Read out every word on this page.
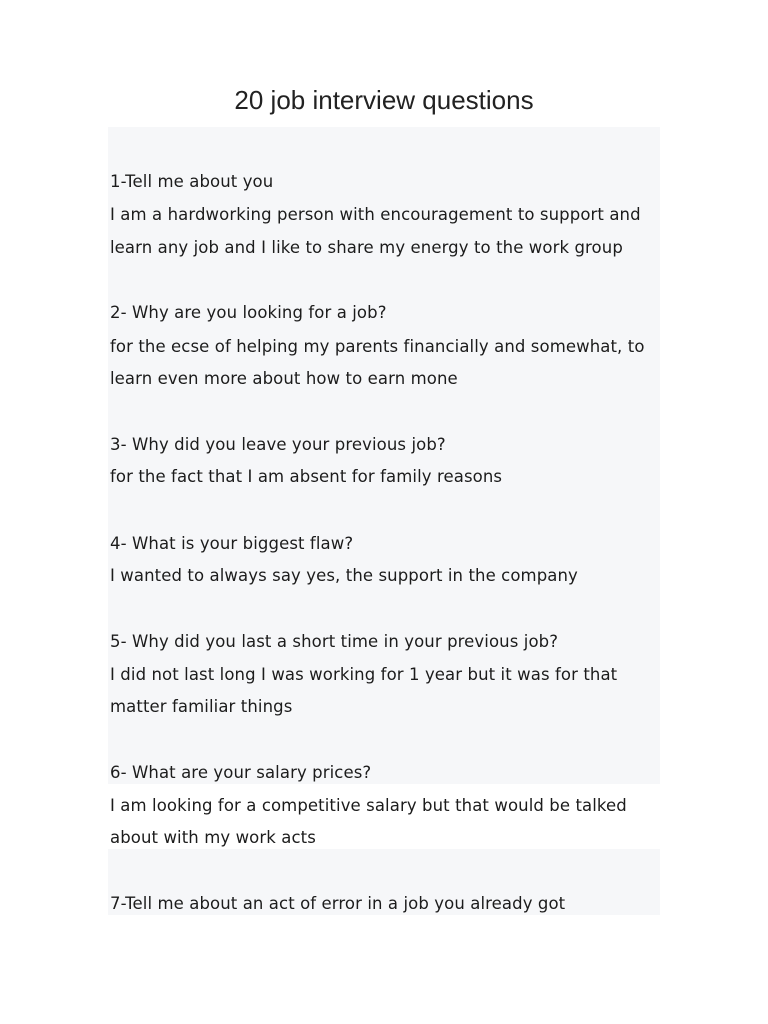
20 job interview questions
1-Tell me about you
I am a hardworking person with encouragement to support and
learn any job and I like to share my energy to the work group
2- Why are you looking for a job?
for the ecse of helping my parents financially and somewhat, to
learn even more about how to earn mone
3- Why did you leave your previous job?
for the fact that I am absent for family reasons
4- What is your biggest flaw?
I wanted to always say yes, the support in the company
5- Why did you last a short time in your previous job?
I did not last long I was working for 1 year but it was for that
matter familiar things
6- What are your salary prices?
I am looking for a competitive salary but that would be talked
about with my work acts
7-Tell me about an act of error in a job you already got
